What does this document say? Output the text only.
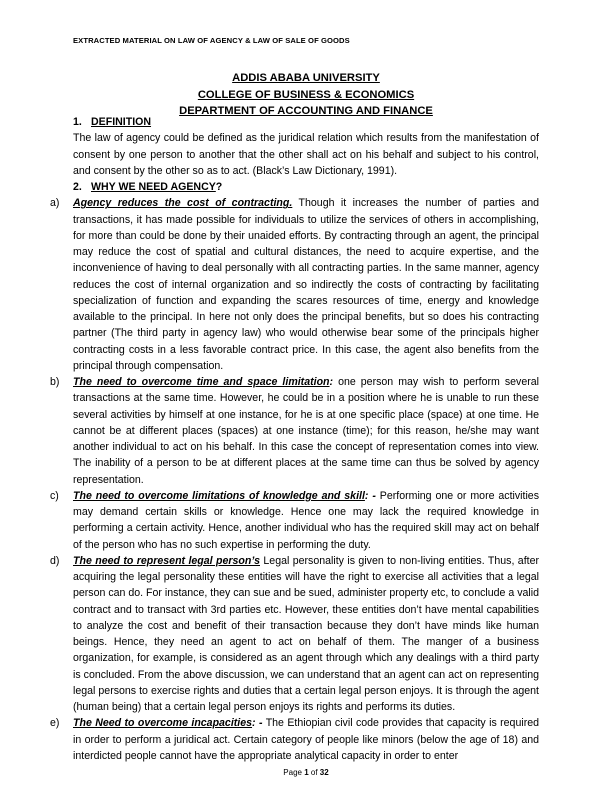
EXTRACTED MATERIAL ON LAW OF AGENCY & LAW OF SALE OF GOODS
ADDIS ABABA UNIVERSITY
COLLEGE OF BUSINESS & ECONOMICS
DEPARTMENT OF ACCOUNTING AND FINANCE
1. DEFINITION

The law of agency could be defined as the juridical relation which results from the manifestation of consent by one person to another that the other shall act on his behalf and subject to his control, and consent by the other so as to act. (Black’s Law Dictionary, 1991).

2. WHY WE NEED AGENCY?
a) Agency reduces the cost of contracting. Though it increases the number of parties and transactions, it has made possible for individuals to utilize the services of others in accomplishing, for more than could be done by their unaided efforts. By contracting through an agent, the principal may reduce the cost of spatial and cultural distances, the need to acquire expertise, and the inconvenience of having to deal personally with all contracting parties. In the same manner, agency reduces the cost of internal organization and so indirectly the costs of contracting by facilitating specialization of function and expanding the scares resources of time, energy and knowledge available to the principal. In here not only does the principal benefits, but so does his contracting partner (The third party in agency law) who would otherwise bear some of the principals higher contracting costs in a less favorable contract price. In this case, the agent also benefits from the principal through compensation.
b) The need to overcome time and space limitation: one person may wish to perform several transactions at the same time. However, he could be in a position where he is unable to run these several activities by himself at one instance, for he is at one specific place (space) at one time. He cannot be at different places (spaces) at one instance (time); for this reason, he/she may want another individual to act on his behalf. In this case the concept of representation comes into view. The inability of a person to be at different places at the same time can thus be solved by agency representation.
c) The need to overcome limitations of knowledge and skill: - Performing one or more activities may demand certain skills or knowledge. Hence one may lack the required knowledge in performing a certain activity. Hence, another individual who has the required skill may act on behalf of the person who has no such expertise in performing the duty.
d) The need to represent legal person’s Legal personality is given to non-living entities. Thus, after acquiring the legal personality these entities will have the right to exercise all activities that a legal person can do. For instance, they can sue and be sued, administer property etc, to conclude a valid contract and to transact with 3rd parties etc. However, these entities don’t have mental capabilities to analyze the cost and benefit of their transaction because they don’t have minds like human beings. Hence, they need an agent to act on behalf of them. The manger of a business organization, for example, is considered as an agent through which any dealings with a third party is concluded. From the above discussion, we can understand that an agent can act on representing legal persons to exercise rights and duties that a certain legal person enjoys. It is through the agent (human being) that a certain legal person enjoys its rights and performs its duties.
e) The Need to overcome incapacities: - The Ethiopian civil code provides that capacity is required in order to perform a juridical act. Certain category of people like minors (below the age of 18) and interdicted people cannot have the appropriate analytical capacity in order to enter
Page 1 of 32
